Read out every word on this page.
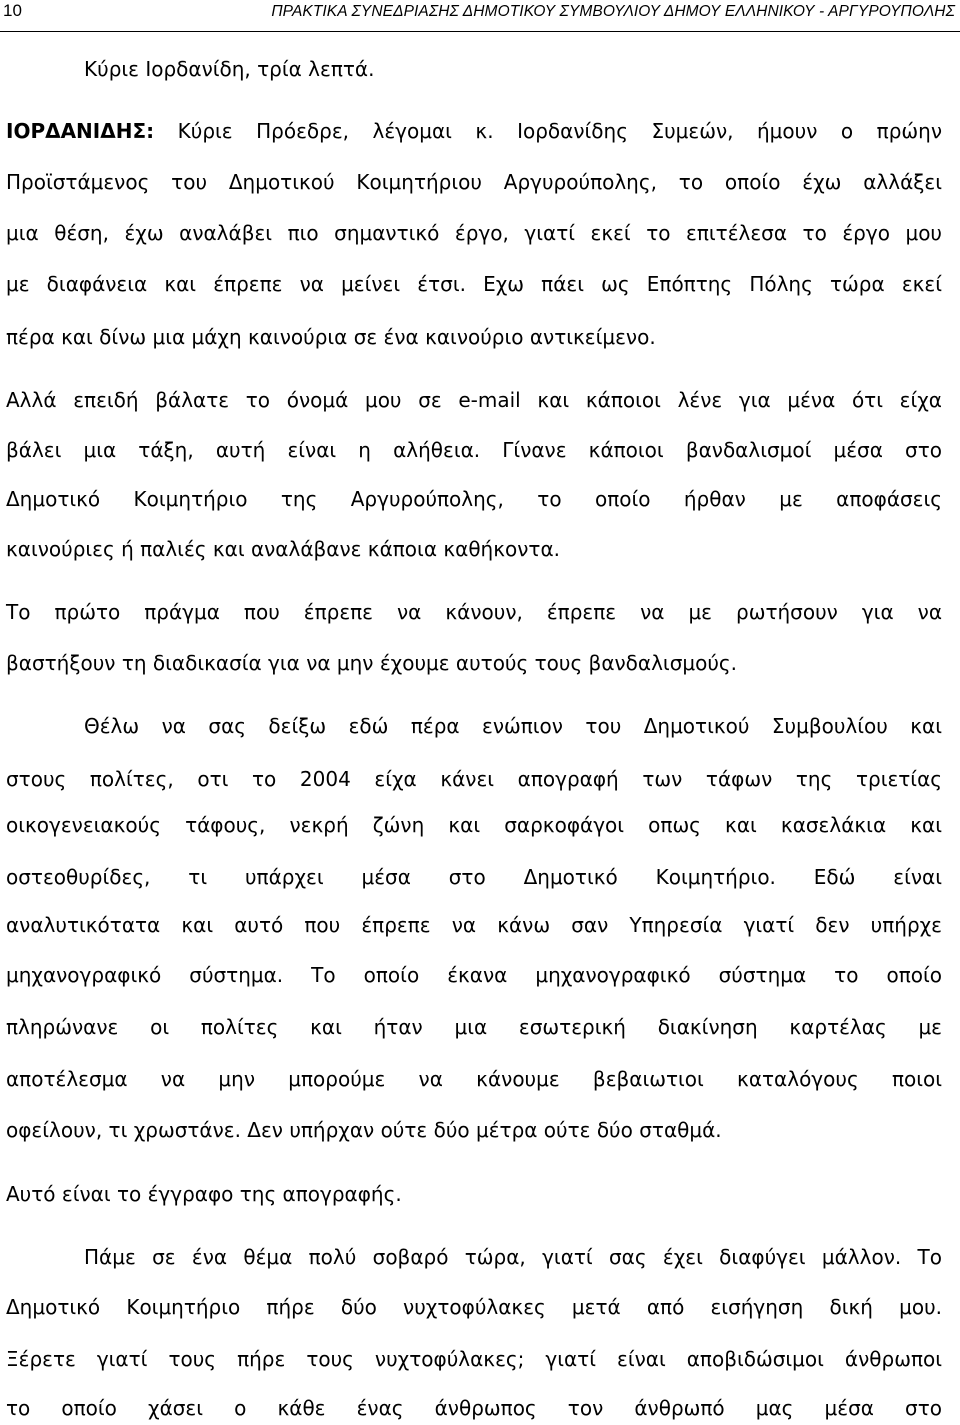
10	ΠΡΑΚΤΙΚΑ ΣΥΝΕΔΡΙΑΣΗΣ ΔΗΜΟΤΙΚΟΥ ΣΥΜΒΟΥΛΙΟΥ ΔΗΜΟΥ ΕΛΛΗΝΙΚΟΥ - ΑΡΓΥΡΟΥΠΟΛΗΣ
Κύριε Ιορδανίδη, τρία λεπτά.
ΙΟΡΔΑΝΙΔΗΣ: Κύριε Πρόεδρε, λέγομαι κ. Ιορδανίδης Συμεών, ήμουν ο πρώην
Προϊστάμενος του Δημοτικού Κοιμητήριου Αργυρούπολης, το οποίο έχω αλλάξει
μια θέση, έχω αναλάβει πιο σημαντικό έργο, γιατί εκεί το επιτέλεσα το έργο μου
με διαφάνεια και έπρεπε να μείνει έτσι. Εχω πάει ως Επόπτης Πόλης τώρα εκεί
πέρα και δίνω μια μάχη καινούρια σε ένα καινούριο αντικείμενο.
Αλλά επειδή βάλατε το όνομά μου σε e-mail και κάποιοι λένε για μένα ότι είχα
βάλει μια τάξη, αυτή είναι η αλήθεια. Γίνανε κάποιοι βανδαλισμοί μέσα στο
Δημοτικό Κοιμητήριο της Αργυρούπολης, το οποίο ήρθαν με αποφάσεις
καινούριες ή παλιές και αναλάβανε κάποια καθήκοντα.
Το πρώτο πράγμα που έπρεπε να κάνουν, έπρεπε να με ρωτήσουν για να
βαστήξουν τη διαδικασία για να μην έχουμε αυτούς τους βανδαλισμούς.
Θέλω να σας δείξω εδώ πέρα ενώπιον του Δημοτικού Συμβουλίου και
στους πολίτες, οτι το 2004 είχα κάνει απογραφή των τάφων της τριετίας
οικογενειακούς τάφους, νεκρή ζώνη και σαρκοφάγοι οπως και κασελάκια και
οστεοθυρίδες, τι υπάρχει μέσα στο Δημοτικό Κοιμητήριο. Εδώ είναι
αναλυτικότατα και αυτό που έπρεπε να κάνω σαν Υπηρεσία γιατί δεν υπήρχε
μηχανογραφικό σύστημα. Το οποίο έκανα μηχανογραφικό σύστημα το οποίο
πληρώνανε οι πολίτες και ήταν μια εσωτερική διακίνηση καρτέλας με
αποτέλεσμα να μην μπορούμε να κάνουμε βεβαιωτιοι καταλόγους ποιοι
οφείλουν, τι χρωστάνε. Δεν υπήρχαν ούτε δύο μέτρα ούτε δύο σταθμά.
Αυτό είναι το έγγραφο της απογραφής.
Πάμε σε ένα θέμα πολύ σοβαρό τώρα, γιατί σας έχει διαφύγει μάλλον. Το
Δημοτικό Κοιμητήριο πήρε δύο νυχτοφύλακες μετά από εισήγηση δική μου.
Ξέρετε γιατί τους πήρε τους νυχτοφύλακες; γιατί είναι αποβιδώσιμοι άνθρωποι
το οποίο χάσει ο κάθε ένας άνθρωπος τον άνθρωπό μας μέσα στο
